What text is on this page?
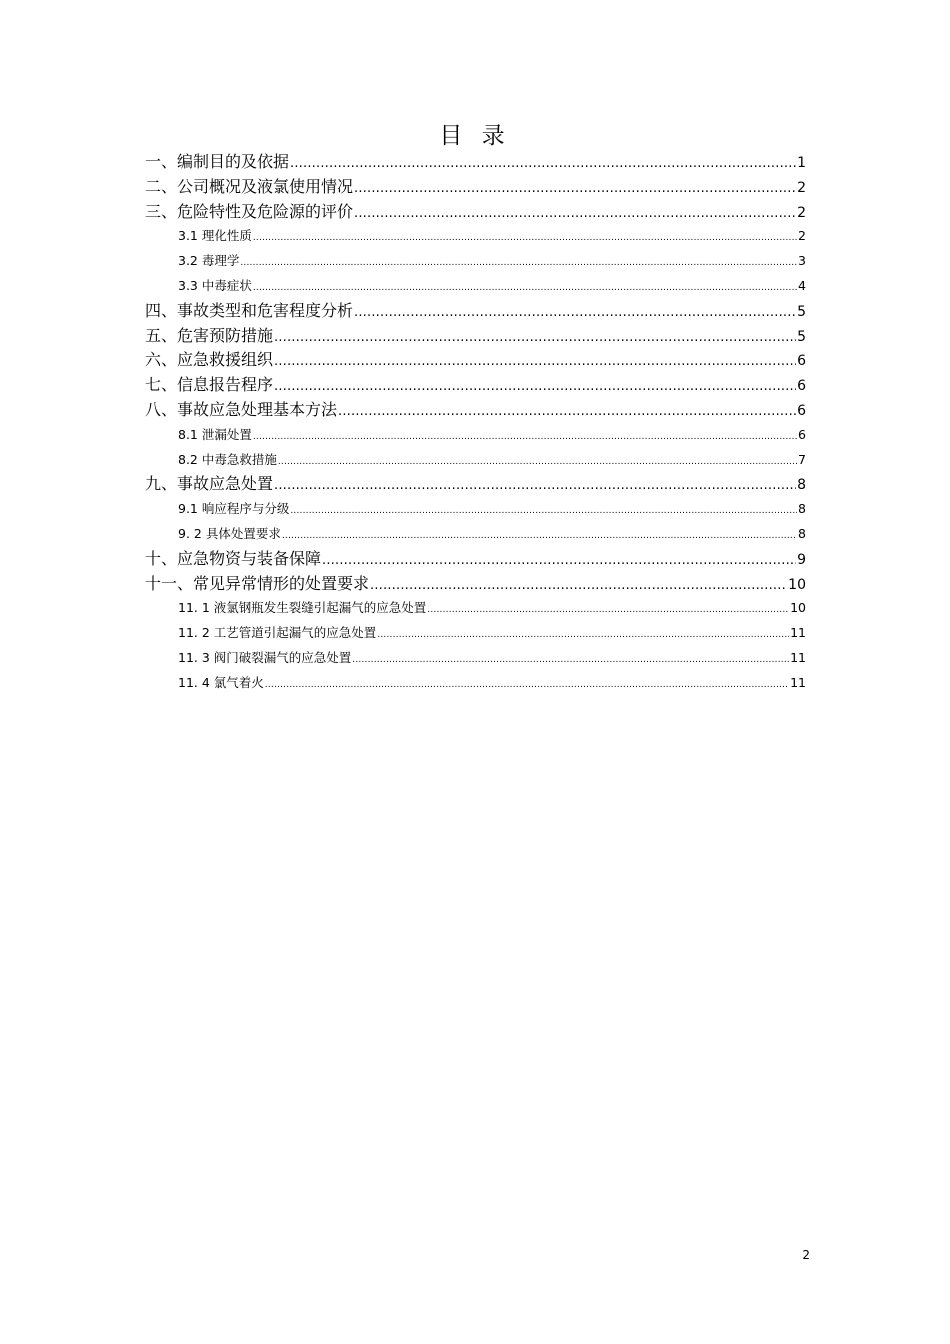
目 录
一、编制目的及依据 .....	1
二、公司概况及液氯使用情况 .....	2
三、危险特性及危险源的评价 .....	2
3.1 理化性质 .....	2
3.2 毒理学 .....	3
3.3 中毒症状 .....	4
四、事故类型和危害程度分析 .....	5
五、危害预防措施 .....	5
六、应急救援组织 .....	6
七、信息报告程序 .....	6
八、事故应急处理基本方法 .....	6
8.1 泄漏处置 .....	6
8.2 中毒急救措施 .....	7
九、事故应急处置 .....	8
9.1 响应程序与分级 .....	8
9. 2 具体处置要求 .....	8
十、应急物资与装备保障 .....	9
十一、常见异常情形的处置要求 .....	10
11. 1 液氯钢瓶发生裂缝引起漏气的应急处置 .....	10
11. 2 工艺管道引起漏气的应急处置 .....	11
11. 3 阀门破裂漏气的应急处置 .....	11
11. 4 氯气着火 .....	11
2
